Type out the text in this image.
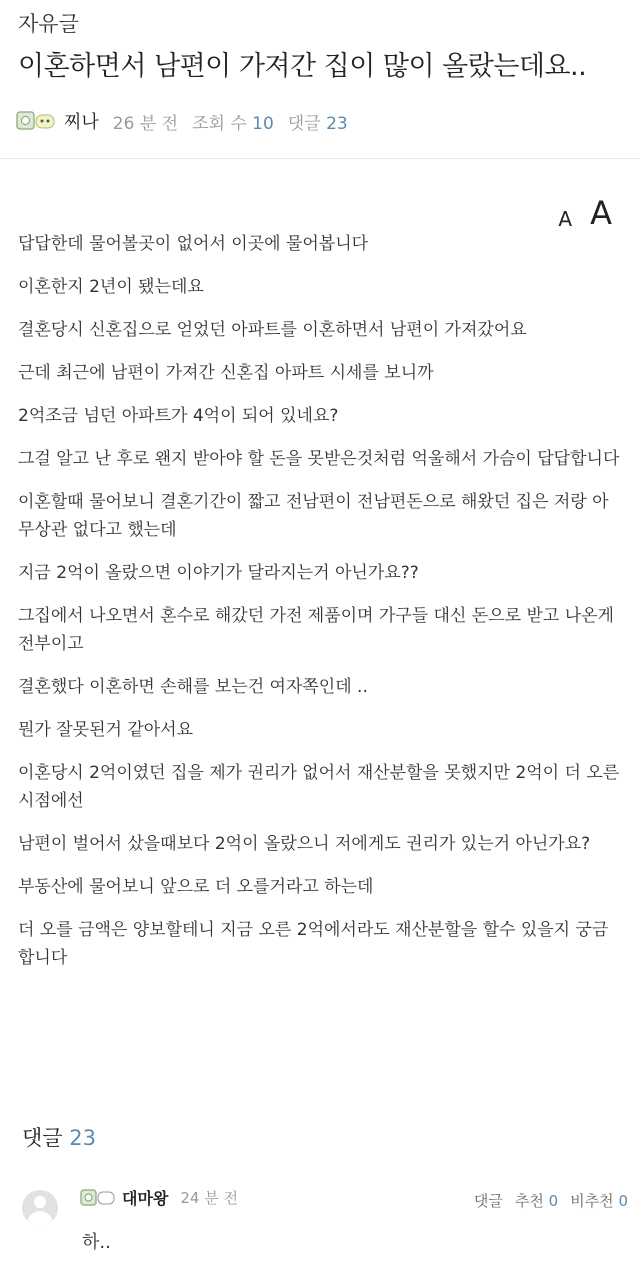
자유글
이혼하면서 남편이 가져간 집이 많이 올랐는데요..
찌나 26 분 전 조회 수 10 댓글 23
A A

답답한데 물어볼곳이 없어서 이곳에 물어봅니다

이혼한지 2년이 됐는데요

결혼당시 신혼집으로 얻었던 아파트를 이혼하면서 남편이 가져갔어요

근데 최근에 남편이 가져간 신혼집 아파트 시세를 보니까

2억조금 넘던 아파트가 4억이 되어 있네요?

그걸 알고 난 후로 왠지 받아야 할 돈을 못받은것처럼 억울해서 가슴이 답답합니다

이혼할때 물어보니 결혼기간이 짧고 전남편이 전남편돈으로 해왔던 집은 저랑 아무상관 없다고 했는데

지금 2억이 올랐으면 이야기가 달라지는거 아닌가요??

그집에서 나오면서 혼수로 해갔던 가전 제품이며 가구들 대신 돈으로 받고 나온게 전부이고

결혼했다 이혼하면 손해를 보는건 여자쪽인데 ..

뭔가 잘못된거 같아서요

이혼당시 2억이였던 집을 제가 권리가 없어서 재산분할을 못했지만 2억이 더 오른 시점에선

남편이 벌어서 샀을때보다 2억이 올랐으니 저에게도 권리가 있는거 아닌가요?

부동산에 물어보니 앞으로 더 오를거라고 하는데

더 오를 금액은 양보할테니 지금 오른 2억에서라도 재산분할을 할수 있을지 궁금합니다

댓글 23
대마왕 24 분 전	댓글 추천 0 비추천 0
하..
